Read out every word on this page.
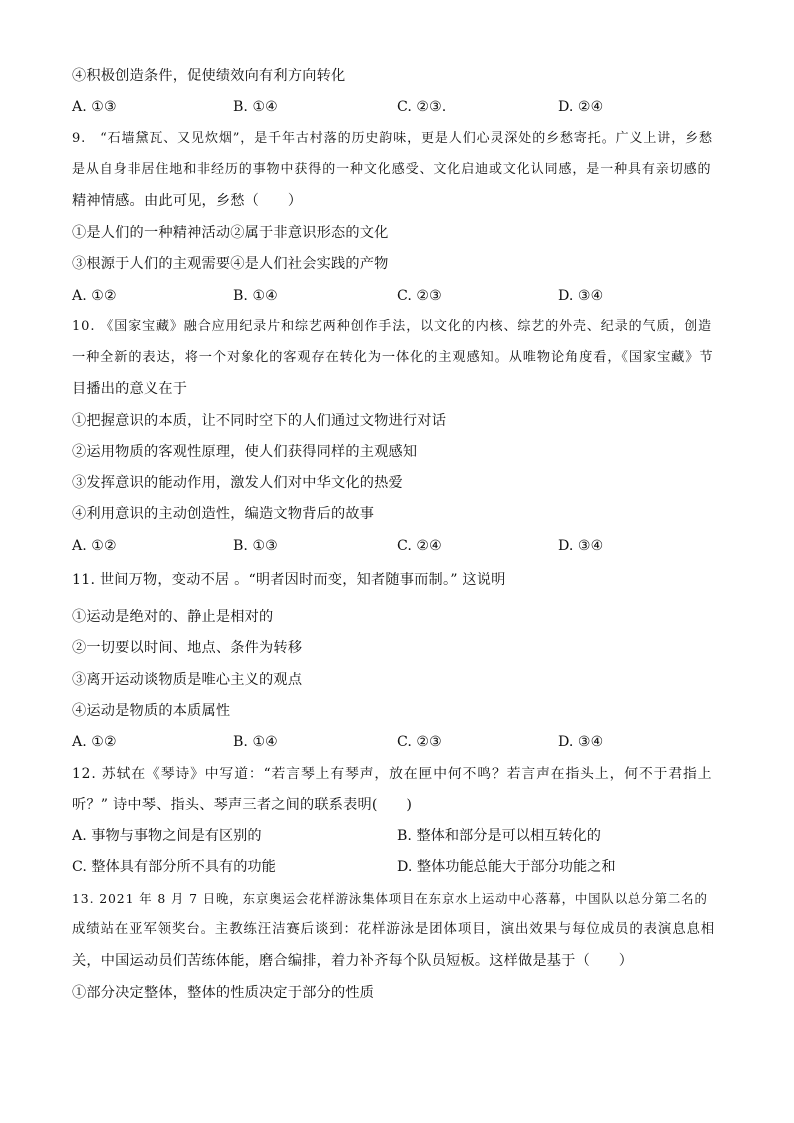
④积极创造条件，促使绩效向有利方向转化
A. ①③	B. ①④	C. ②③.	D. ②④
9.　“石墙黛瓦、又见炊烟”，是千年古村落的历史韵味，更是人们心灵深处的乡愁寄托。广义上讲，乡愁
是从自身非居住地和非经历的事物中获得的一种文化感受、文化启迪或文化认同感，是一种具有亲切感的
精神情感。由此可见，乡愁（　　）
①是人们的一种精神活动②属于非意识形态的文化
③根源于人们的主观需要④是人们社会实践的产物
A. ①②	B. ①④	C. ②③	D. ③④
10. 《国家宝藏》融合应用纪录片和综艺两种创作手法，以文化的内核、综艺的外壳、纪录的气质，创造
一种全新的表达，将一个对象化的客观存在转化为一体化的主观感知。从唯物论角度看，《国家宝藏》节
目播出的意义在于
①把握意识的本质，让不同时空下的人们通过文物进行对话
②运用物质的客观性原理，使人们获得同样的主观感知
③发挥意识的能动作用，激发人们对中华文化的热爱
④利用意识的主动创造性，编造文物背后的故事
A. ①②	B. ①③	C. ②④	D. ③④
11. 世间万物，变动不居 。“明者因时而变，知者随事而制。” 这说明
①运动是绝对的、静止是相对的
②一切要以时间、地点、条件为转移
③离开运动谈物质是唯心主义的观点
④运动是物质的本质属性
A. ①②	B. ①④	C. ②③	D. ③④
12. 苏轼在《琴诗》中写道：“若言琴上有琴声，放在匣中何不鸣？若言声在指头上，何不于君指上
听？” 诗中琴、指头、琴声三者之间的联系表明(　　)
A. 事物与事物之间是有区别的	B. 整体和部分是可以相互转化的
C. 整体具有部分所不具有的功能	D. 整体功能总能大于部分功能之和
13. 2021 年 8 月 7 日晚，东京奥运会花样游泳集体项目在东京水上运动中心落幕，中国队以总分第二名的
成绩站在亚军领奖台。主教练汪洁赛后谈到：花样游泳是团体项目，演出效果与每位成员的表演息息相
关，中国运动员们苦练体能，磨合编排，着力补齐每个队员短板。这样做是基于（　　）
①部分决定整体，整体的性质决定于部分的性质
